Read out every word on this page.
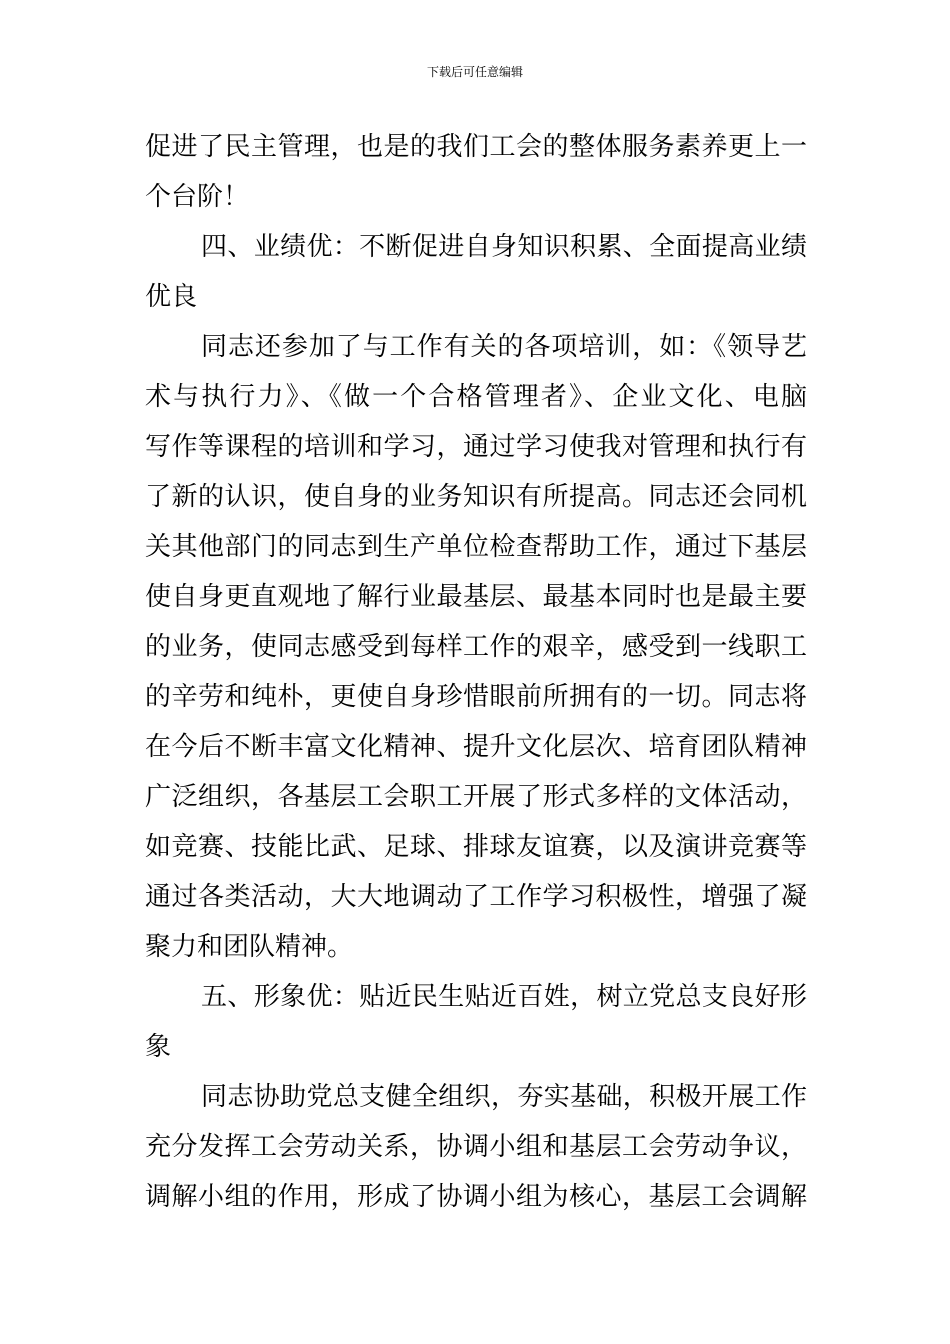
下载后可任意编辑
促进了民主管理，也是的我们工会的整体服务素养更上一
个台阶！
四、业绩优：不断促进自身知识积累、全面提高业绩
优良
同志还参加了与工作有关的各项培训，如：《领导艺
术与执行力》、《做一个合格管理者》、企业文化、电脑
写作等课程的培训和学习，通过学习使我对管理和执行有
了新的认识，使自身的业务知识有所提高。同志还会同机
关其他部门的同志到生产单位检查帮助工作，通过下基层
使自身更直观地了解行业最基层、最基本同时也是最主要
的业务，使同志感受到每样工作的艰辛，感受到一线职工
的辛劳和纯朴，更使自身珍惜眼前所拥有的一切。同志将
在今后不断丰富文化精神、提升文化层次、培育团队精神
广泛组织，各基层工会职工开展了形式多样的文体活动，
如竞赛、技能比武、足球、排球友谊赛，以及演讲竞赛等
通过各类活动，大大地调动了工作学习积极性，增强了凝
聚力和团队精神。
五、形象优：贴近民生贴近百姓，树立党总支良好形
象
同志协助党总支健全组织，夯实基础，积极开展工作
充分发挥工会劳动关系，协调小组和基层工会劳动争议，
调解小组的作用，形成了协调小组为核心，基层工会调解
